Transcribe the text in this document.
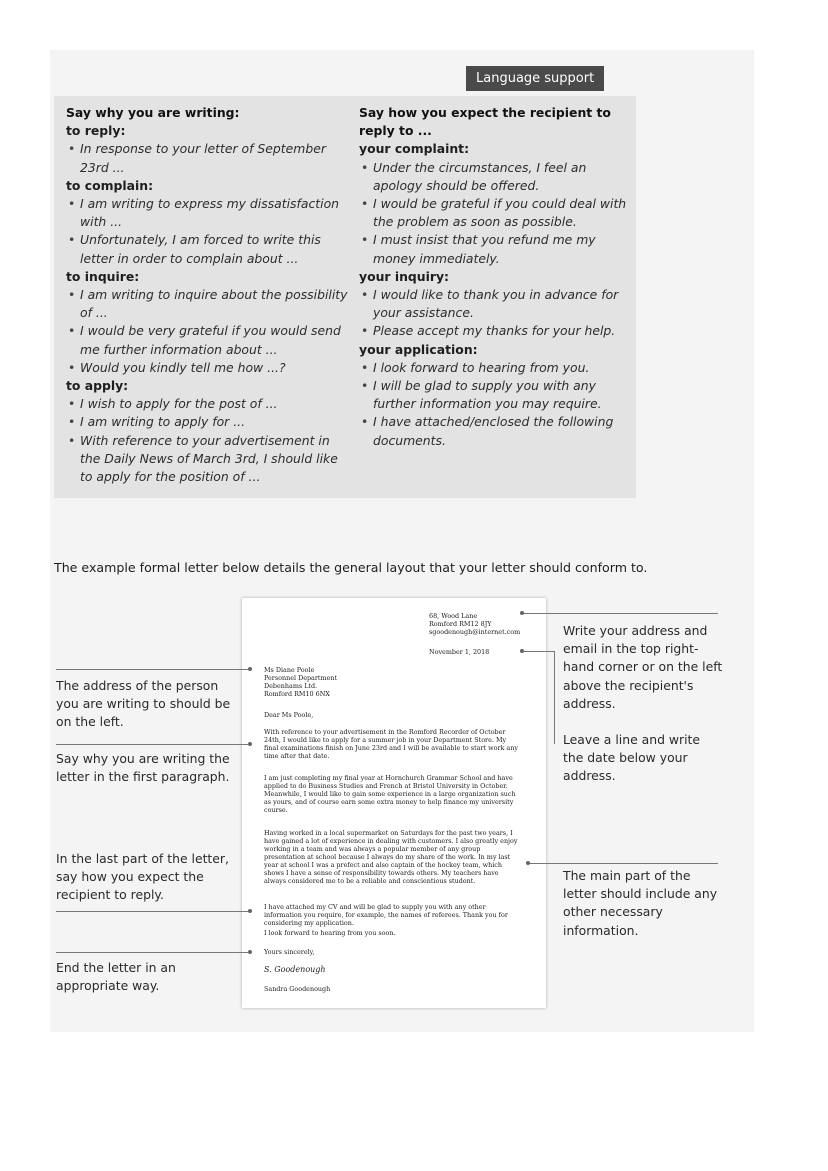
Language support

Say why you are writing:

to reply:

• In response to your letter of September 23rd ...

to complain:

• I am writing to express my dissatisfaction with ...
• Unfortunately, I am forced to write this letter in order to complain about ...

to inquire:

• I am writing to inquire about the possibility of ...
• I would be very grateful if you would send me further information about ...
• Would you kindly tell me how ...?

to apply:

• I wish to apply for the post of ...
• I am writing to apply for ...
• With reference to your advertisement in the Daily News of March 3rd, I should like to apply for the position of ...

Say how you expect the recipient to reply to ...

your complaint:

• Under the circumstances, I feel an apology should be offered.
• I would be grateful if you could deal with the problem as soon as possible.
• I must insist that you refund me my money immediately.

your inquiry:

• I would like to thank you in advance for your assistance.
• Please accept my thanks for your help.

your application:

• I look forward to hearing from you.
• I will be glad to supply you with any further information you may require.
• I have attached/enclosed the following documents.
The example formal letter below details the general layout that your letter should conform to.
68, Wood Lane
Romford RM12 8JY
sgoodenough@internet.com
November 1, 2018
Ms Diane Poole
Personnel Department
Debenhams Ltd.
Romford RM10 6NX
Dear Ms Poole,
With reference to your advertisement in the Romford Recorder of October 24th, I would like to apply for a summer job in your Department Store. My final examinations finish on June 23rd and I will be available to start work any time after that date.
I am just completing my final year at Hornchurch Grammar School and have applied to do Business Studies and French at Bristol University in October. Meanwhile, I would like to gain some experience in a large organization such as yours, and of course earn some extra money to help finance my university course.
Having worked in a local supermarket on Saturdays for the past two years, I have gained a lot of experience in dealing with customers. I also greatly enjoy working in a team and was always a popular member of any group presentation at school because I always do my share of the work. In my last year at school I was a prefect and also captain of the hockey team, which shows I have a sense of responsibility towards others. My teachers have always considered me to be a reliable and conscientious student.
I have attached my CV and will be glad to supply you with any other information you require, for example, the names of referees. Thank you for considering my application.
I look forward to hearing from you soon.
Yours sincerely,
S. Goodenough
Sandra Goodenough
The address of the person you are writing to should be on the left.
Say why you are writing the letter in the first paragraph.
In the last part of the letter, say how you expect the recipient to reply.
End the letter in an appropriate way.
Write your address and email in the top right-hand corner or on the left above the recipient's address.
Leave a line and write the date below your address.
The main part of the letter should include any other necessary information.
